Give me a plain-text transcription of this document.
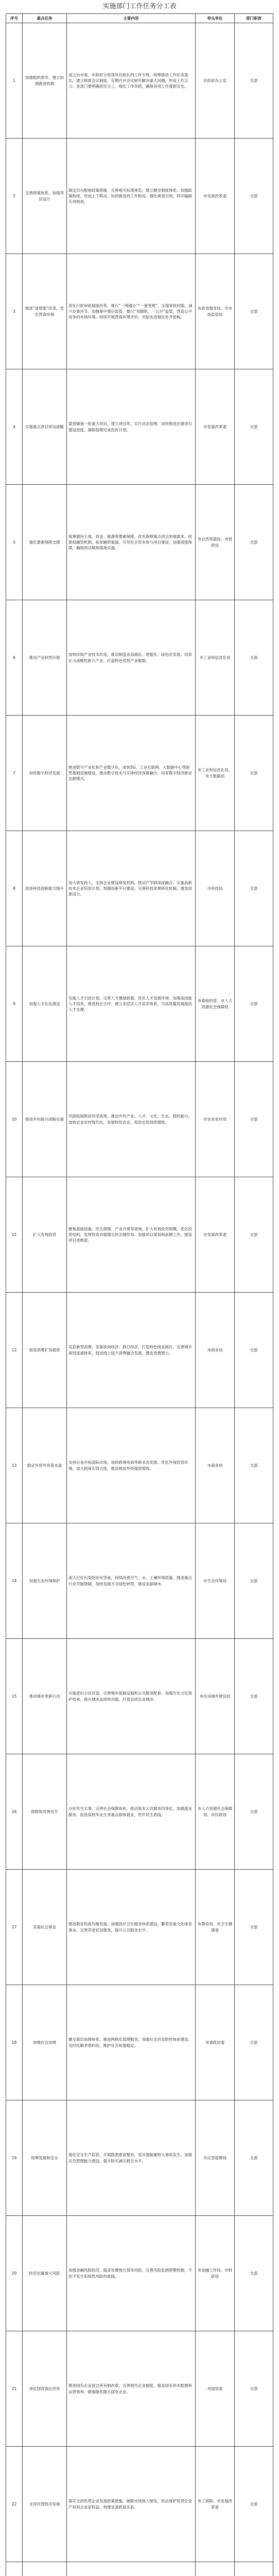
实施部门工作任务分工表
序号	重点任务	主要内容	牵头单位	部门职责
1	加强组织领导，建立协调推进机制	成立由市委、市政府分管领导任组长的工作专班，统筹推进工作任务落实，建立联席会议制度，定期召开会议研究解决重大问题，形成工作合力。各部门要明确责任分工，细化工作举措，确保各项工作落到实处。	市政府办公室	全部
2	完善政策体系，加强顶层设计	制定出台配套政策措施，完善相关标准规范，建立健全制度体系。加强政策衔接，形成上下联动、协同推进的工作格局。强化规划引领，科学编制专项规划。	市发展改革委	全部
3	推进“放管服”改革，优化营商环境	深化行政审批制度改革，推行“一网通办”“一窗受理”，压缩审批时限，减少办事环节。加强事中事后监管，推行“双随机、一公开”监管，营造公平竞争的市场环境。持续开展营商环境评价，对标先进地区补齐短板。	市政务服务局、市市场监管局	全部
4	实施重点项目带动战略	谋划储备一批重大项目，建立项目库，实行动态管理。加快推进在建项目建设进度，确保按期完成投资计划。	市发展改革委	全部
5	强化要素保障支撑	统筹做好土地、资金、能源等要素保障，优先保障重点项目用地需求。创新投融资机制，拓宽融资渠道，引导社会资本参与项目建设。加强用能保障，确保项目顺利落地实施。	市自然资源局、市财政局	全部
6	推动产业转型升级	加快传统产业技术改造，推动制造业高端化、智能化、绿色化发展。培育壮大战略性新兴产业，打造特色优势产业集群。	市工业和信息化局	全部
7	加快数字经济发展	推进数字产业化和产业数字化，加快5G、工业互联网、大数据中心等新型基础设施建设，推动数字技术与实体经济深度融合，培育数字经济新业态新模式。	市工业和信息化局、市大数据局	全部
8	促进科技创新能力提升	加大研发投入，支持企业建设研发机构，推动产学研深度融合。实施高新技术企业培育计划，加强创新平台建设，完善科技成果转化机制，激发创新活力。	市科技局	全部
9	加强人才队伍建设	实施人才引进计划，完善人才激励政策，优化人才发展环境。加强高技能人才培养，推进校企合作，建立多层次人才培养体系，为高质量发展提供人才支撑。	市委组织部、市人力资源社会保障局	全部
10	推进乡村振兴战略实施	巩固拓展脱贫攻坚成果，推动乡村产业、人才、文化、生态、组织振兴。加快农业农村现代化，发展特色农业，促进农民持续增收。	市农业农村局	全部
11	扩大有效投资	聚焦基础设施、民生保障、产业升级等领域，扩大有效投资规模，优化投资结构，发挥投资对稳增长的关键作用。加强项目谋划和前期工作，提高项目成熟度。	市发展改革委	全部
12	促进消费扩容提质	培育新型消费，发展夜间经济、假日经济，打造特色商业街区。完善城乡商贸流通体系，促进线上线下消费融合发展，激发消费潜力。	市商务局	全部
13	稳定外贸外资基本盘	支持企业开拓国际市场，加快跨境电商等新业态发展。优化外商投资环境，加大招商引资力度，推动利用外资提质增效。	市商务局	全部
14	加强生态环境保护	深入打好污染防治攻坚战，持续改善空气、水、土壤环境质量。推进重点行业节能降碳，加快发展方式绿色转型，建设美丽城市。	市生态环境局	全部
15	推动城市更新行动	实施老旧小区改造，完善城市基础设施和公共服务配套。加强历史文化保护传承，提升城市品质和功能，打造宜居宜业城市。	市住房城乡建设局	全部
16	保障和改善民生	办好民生实事，完善社会保障体系，推动基本公共服务均等化。加强就业服务，促进高校毕业生等重点群体就业，兜牢民生底线。	市人力资源社会保障局、市民政局	全部
17	发展社会事业	推进教育优质均衡发展，加强医疗卫生服务体系建设，繁荣发展文化体育事业。完善养老托育服务，提升公共服务水平。	市教育局、市卫生健康委	全部
18	加强社会治理	健全基层治理体系，推进网格化管理服务。加强社会治安防控体系建设，及时化解矛盾纠纷，维护社会和谐稳定。	市委政法委	全部
19	统筹发展和安全	强化安全生产监管，开展隐患排查整治，坚决遏制重特大事故发生。加强应急管理能力建设，提升防灾减灾救灾水平。	市应急管理局	全部
20	防范化解重大风险	加强金融风险防范，稳妥处置地方债务风险。完善风险监测预警机制，守住不发生系统性风险的底线。	市金融工作局、市财政局	全部
21	深化国资国企改革	推进国有企业混合所有制改革，完善现代企业制度，提高国有资本配置和运营效率，做强做优做大国有企业。	市国资委	全部
22	支持民营经济发展	落实支持民营企业发展政策措施，破除市场准入壁垒，依法保护民营企业产权和企业家权益，构建亲清政商关系。	市工商联、市发展改革委	全部
